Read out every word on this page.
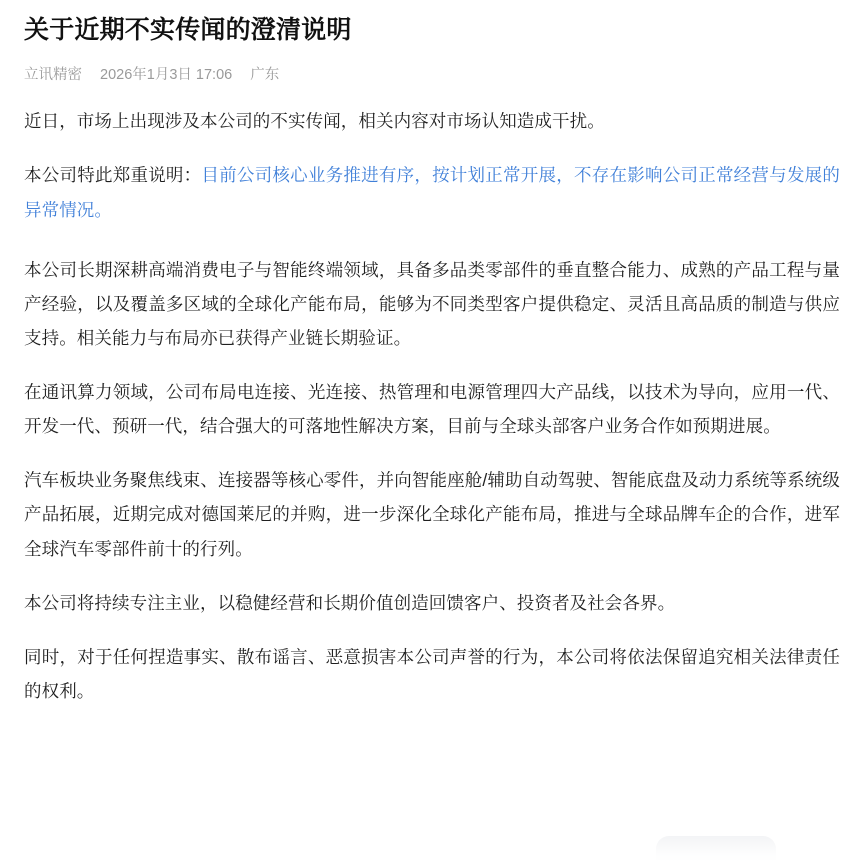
关于近期不实传闻的澄清说明
立讯精密 2026年1月3日 17:06 广东

近日，市场上出现涉及本公司的不实传闻，相关内容对市场认知造成干扰。

本公司特此郑重说明：目前公司核心业务推进有序，按计划正常开展，不存在影响公司正常经营与发展的异常情况。

本公司长期深耕高端消费电子与智能终端领域，具备多品类零部件的垂直整合能力、成熟的产品工程与量产经验，以及覆盖多区域的全球化产能布局，能够为不同类型客户提供稳定、灵活且高品质的制造与供应支持。相关能力与布局亦已获得产业链长期验证。

在通讯算力领域，公司布局电连接、光连接、热管理和电源管理四大产品线，以技术为导向，应用一代、开发一代、预研一代，结合强大的可落地性解决方案，目前与全球头部客户业务合作如预期进展。

汽车板块业务聚焦线束、连接器等核心零件，并向智能座舱/辅助自动驾驶、智能底盘及动力系统等系统级产品拓展，近期完成对德国莱尼的并购，进一步深化全球化产能布局，推进与全球品牌车企的合作，进军全球汽车零部件前十的行列。

本公司将持续专注主业，以稳健经营和长期价值创造回馈客户、投资者及社会各界。

同时，对于任何捏造事实、散布谣言、恶意损害本公司声誉的行为，本公司将依法保留追究相关法律责任的权利。
